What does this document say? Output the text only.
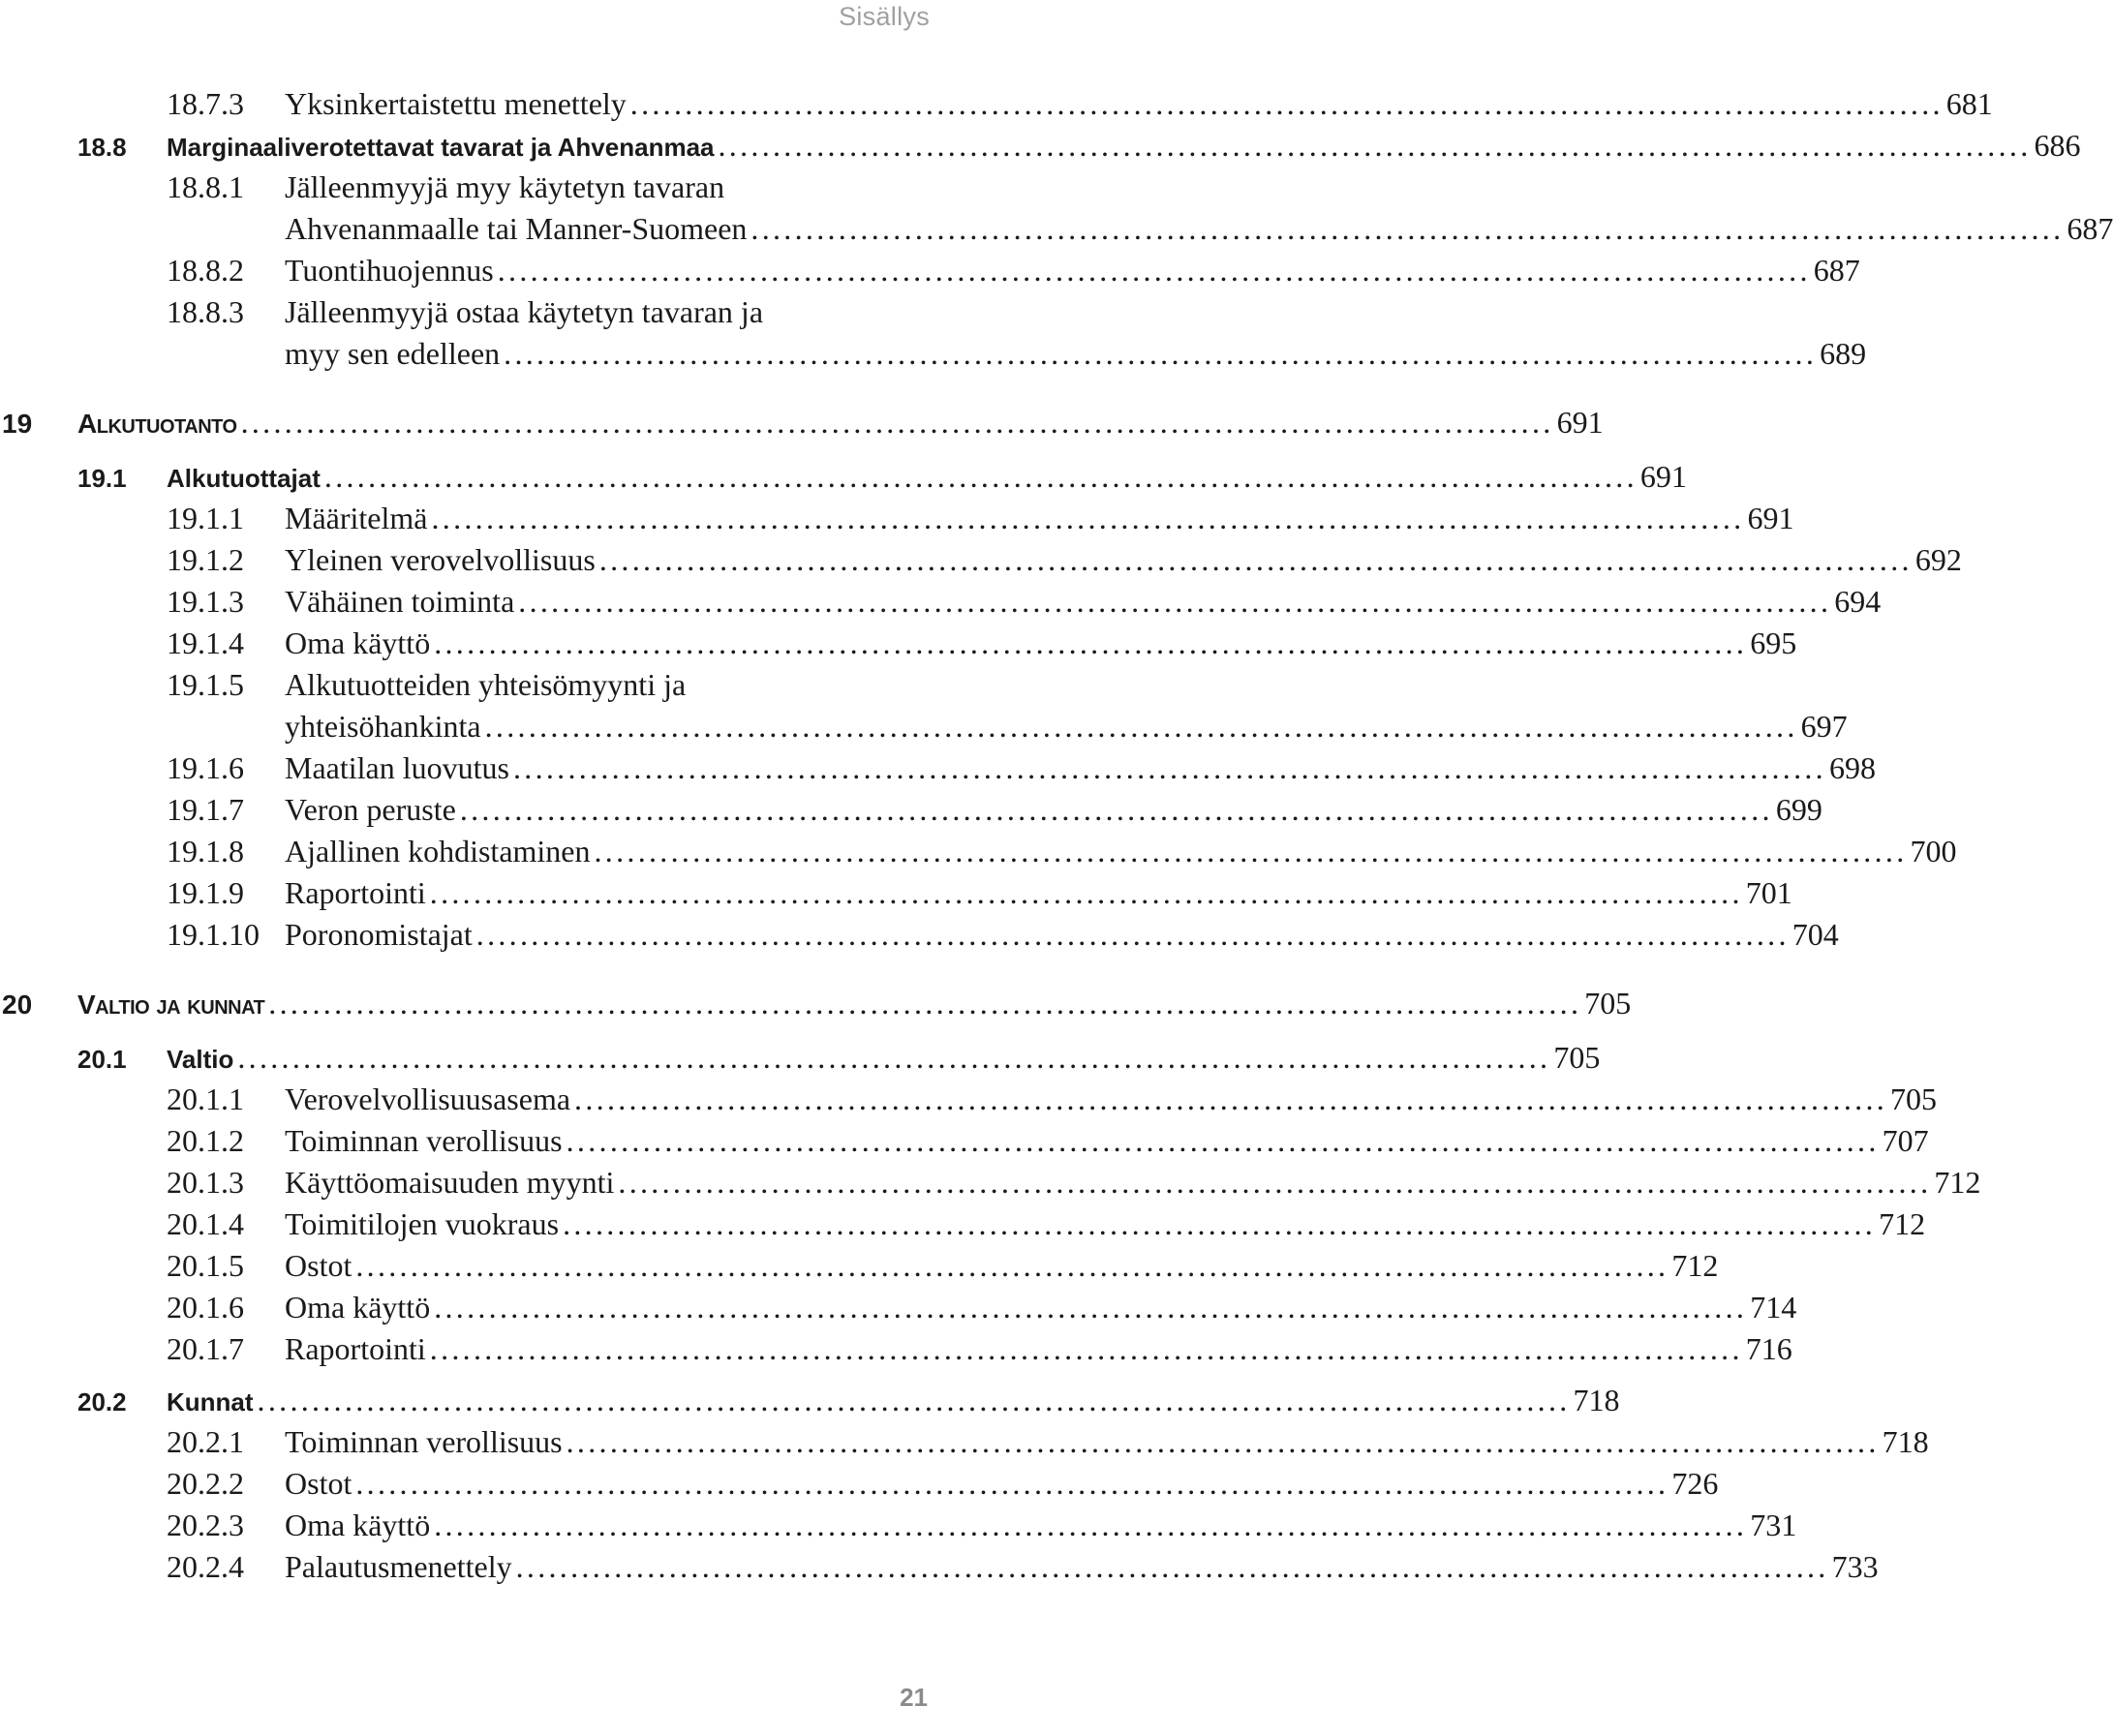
Sisällys
18.7.3	Yksinkertaistettu menettely ........................................................................................................................ 681
18.8	Marginaaliverotettavat tavarat ja Ahvenanmaa ........................................................................................................................ 686
18.8.1	Jälleenmyyjä myy käytetyn tavaran
Ahvenanmaalle tai Manner-Suomeen ........................................................................................................................ 687
18.8.2	Tuontihuojennus ........................................................................................................................ 687
18.8.3	Jälleenmyyjä ostaa käytetyn tavaran ja
myy sen edelleen ........................................................................................................................ 689
19	Alkutuotanto ........................................................................................................................ 691
19.1	Alkutuottajat ........................................................................................................................ 691
19.1.1	Määritelmä ........................................................................................................................ 691
19.1.2	Yleinen verovelvollisuus ........................................................................................................................ 692
19.1.3	Vähäinen toiminta ........................................................................................................................ 694
19.1.4	Oma käyttö ........................................................................................................................ 695
19.1.5	Alkutuotteiden yhteisömyynti ja
yhteisöhankinta ........................................................................................................................ 697
19.1.6	Maatilan luovutus ........................................................................................................................ 698
19.1.7	Veron peruste ........................................................................................................................ 699
19.1.8	Ajallinen kohdistaminen ........................................................................................................................ 700
19.1.9	Raportointi ........................................................................................................................ 701
19.1.10 Poronomistajat ........................................................................................................................ 704
20	Valtio ja kunnat ........................................................................................................................ 705
20.1	Valtio ........................................................................................................................ 705
20.1.1	Verovelvollisuusasema ........................................................................................................................ 705
20.1.2	Toiminnan verollisuus ........................................................................................................................ 707
20.1.3	Käyttöomaisuuden myynti ........................................................................................................................ 712
20.1.4	Toimitilojen vuokraus ........................................................................................................................ 712
20.1.5	Ostot ........................................................................................................................ 712
20.1.6	Oma käyttö ........................................................................................................................ 714
20.1.7	Raportointi ........................................................................................................................ 716
20.2	Kunnat ........................................................................................................................ 718
20.2.1	Toiminnan verollisuus ........................................................................................................................ 718
20.2.2	Ostot ........................................................................................................................ 726
20.2.3	Oma käyttö ........................................................................................................................ 731
20.2.4	Palautusmenettely ........................................................................................................................ 733
21
